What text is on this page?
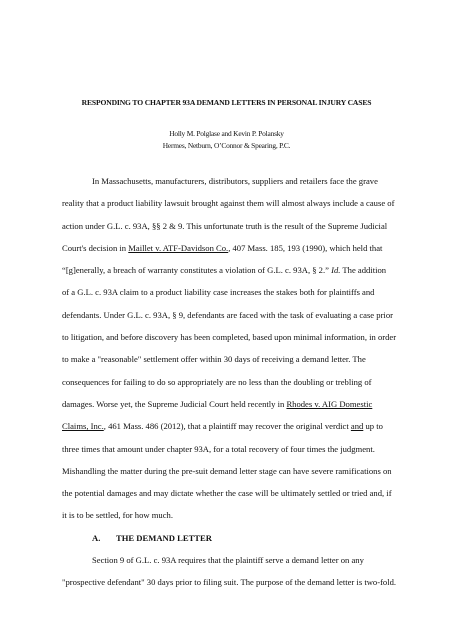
RESPONDING TO CHAPTER 93A DEMAND LETTERS IN PERSONAL INJURY CASES
Holly M. Polglase and Kevin P. Polansky
Hermes, Netburn, O’Connor & Spearing, P.C.
In Massachusetts, manufacturers, distributors, suppliers and retailers face the grave
reality that a product liability lawsuit brought against them will almost always include a cause of
action under G.L. c. 93A, §§ 2 & 9. This unfortunate truth is the result of the Supreme Judicial
Court's decision in Maillet v. ATF-Davidson Co., 407 Mass. 185, 193 (1990), which held that
“[g]enerally, a breach of warranty constitutes a violation of G.L. c. 93A, § 2.” Id. The addition
of a G.L. c. 93A claim to a product liability case increases the stakes both for plaintiffs and
defendants. Under G.L. c. 93A, § 9, defendants are faced with the task of evaluating a case prior
to litigation, and before discovery has been completed, based upon minimal information, in order
to make a "reasonable" settlement offer within 30 days of receiving a demand letter. The
consequences for failing to do so appropriately are no less than the doubling or trebling of
damages. Worse yet, the Supreme Judicial Court held recently in Rhodes v. AIG Domestic
Claims, Inc., 461 Mass. 486 (2012), that a plaintiff may recover the original verdict and up to
three times that amount under chapter 93A, for a total recovery of four times the judgment.
Mishandling the matter during the pre-suit demand letter stage can have severe ramifications on
the potential damages and may dictate whether the case will be ultimately settled or tried and, if
it is to be settled, for how much.
A. THE DEMAND LETTER
Section 9 of G.L. c. 93A requires that the plaintiff serve a demand letter on any
"prospective defendant" 30 days prior to filing suit. The purpose of the demand letter is two-fold.
